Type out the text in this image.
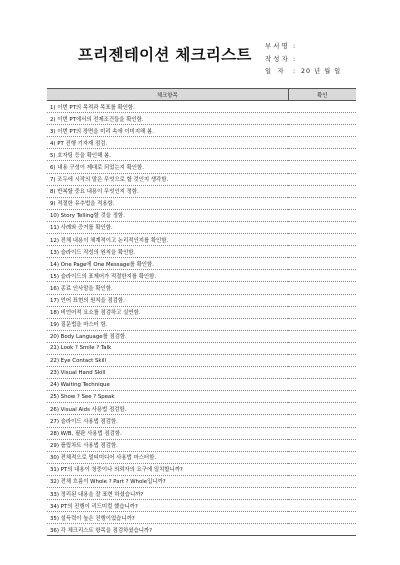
프리젠테이션 체크리스트 부서명 :
작성자 :
일 자	: 20 년 월 일
체크항목	확인
1) 이번 PT의 목적과 목표를 확인함.	
2) 이번 PT에서의 전제조건들을 확인함.	
3) 이번 PT의 장면을 미리 속에 이미지해 봄.	
4) PT 진행 기자재 점검.	
5) 호자팅 등을 확인해 봄.	
6) 내용 구성이 제대로 되었는지 확인함.	
7) 조두에 시작의 말은 무엇으로 할 것인지 생각함.	
8) 반복할 중요 내용이 무엇인지 정함.	
9) 적절한 유추법을 적용함.	
10) Story Telling할 것을 정함.	
11) 사례와 증거를 확인함.	
12) 전체 내용이 체계적이고 논리적인지를 확인함.	
13) 슬라이드 작성의 원칙을 확인함.	
14) One Page에 One Message를 확인함.	
15) 슬라이드의 표제어가 적절한지를 확인함.	
16) 종료 인사말을 확인함.	
17) 언어 표현의 원칙을 점검함.	
18) 비언어적 요소를 점검하고 실연함.	
19) 질문법을 마스터 함.	
20) Body Language를 점검함.	
21) Look ? Smile ? Talk	
22) Eye Contact Skill	
23) Visual Hand Skill	
24) Waiting Technique	
25) Show ? See ? Speak	
26) Visual Aids 사용법 점검함.	
27) 슬라이드 사용법 점검함.	
28) W/B, 필판 사용법 점검함.	
29) 플립차트 사용법 점검함.	
30) 전체적으로 멀티미디어 사용법 마스터함.	
31) PT의 내용이 청중이나 의뢰자의 요구에 일치합니까?	
32) 전체 흐름이 Whole ? Part ? Whole입니까?	
33) 정리된 내용을 잘 표현 하셨습니까?	
34) PT의 진행이 리드미컬 했습니까?	
35) 설득력이 높은 진행이었습니까?	
36) 각 체크리스트 항목을 점검하셨습니까?	
